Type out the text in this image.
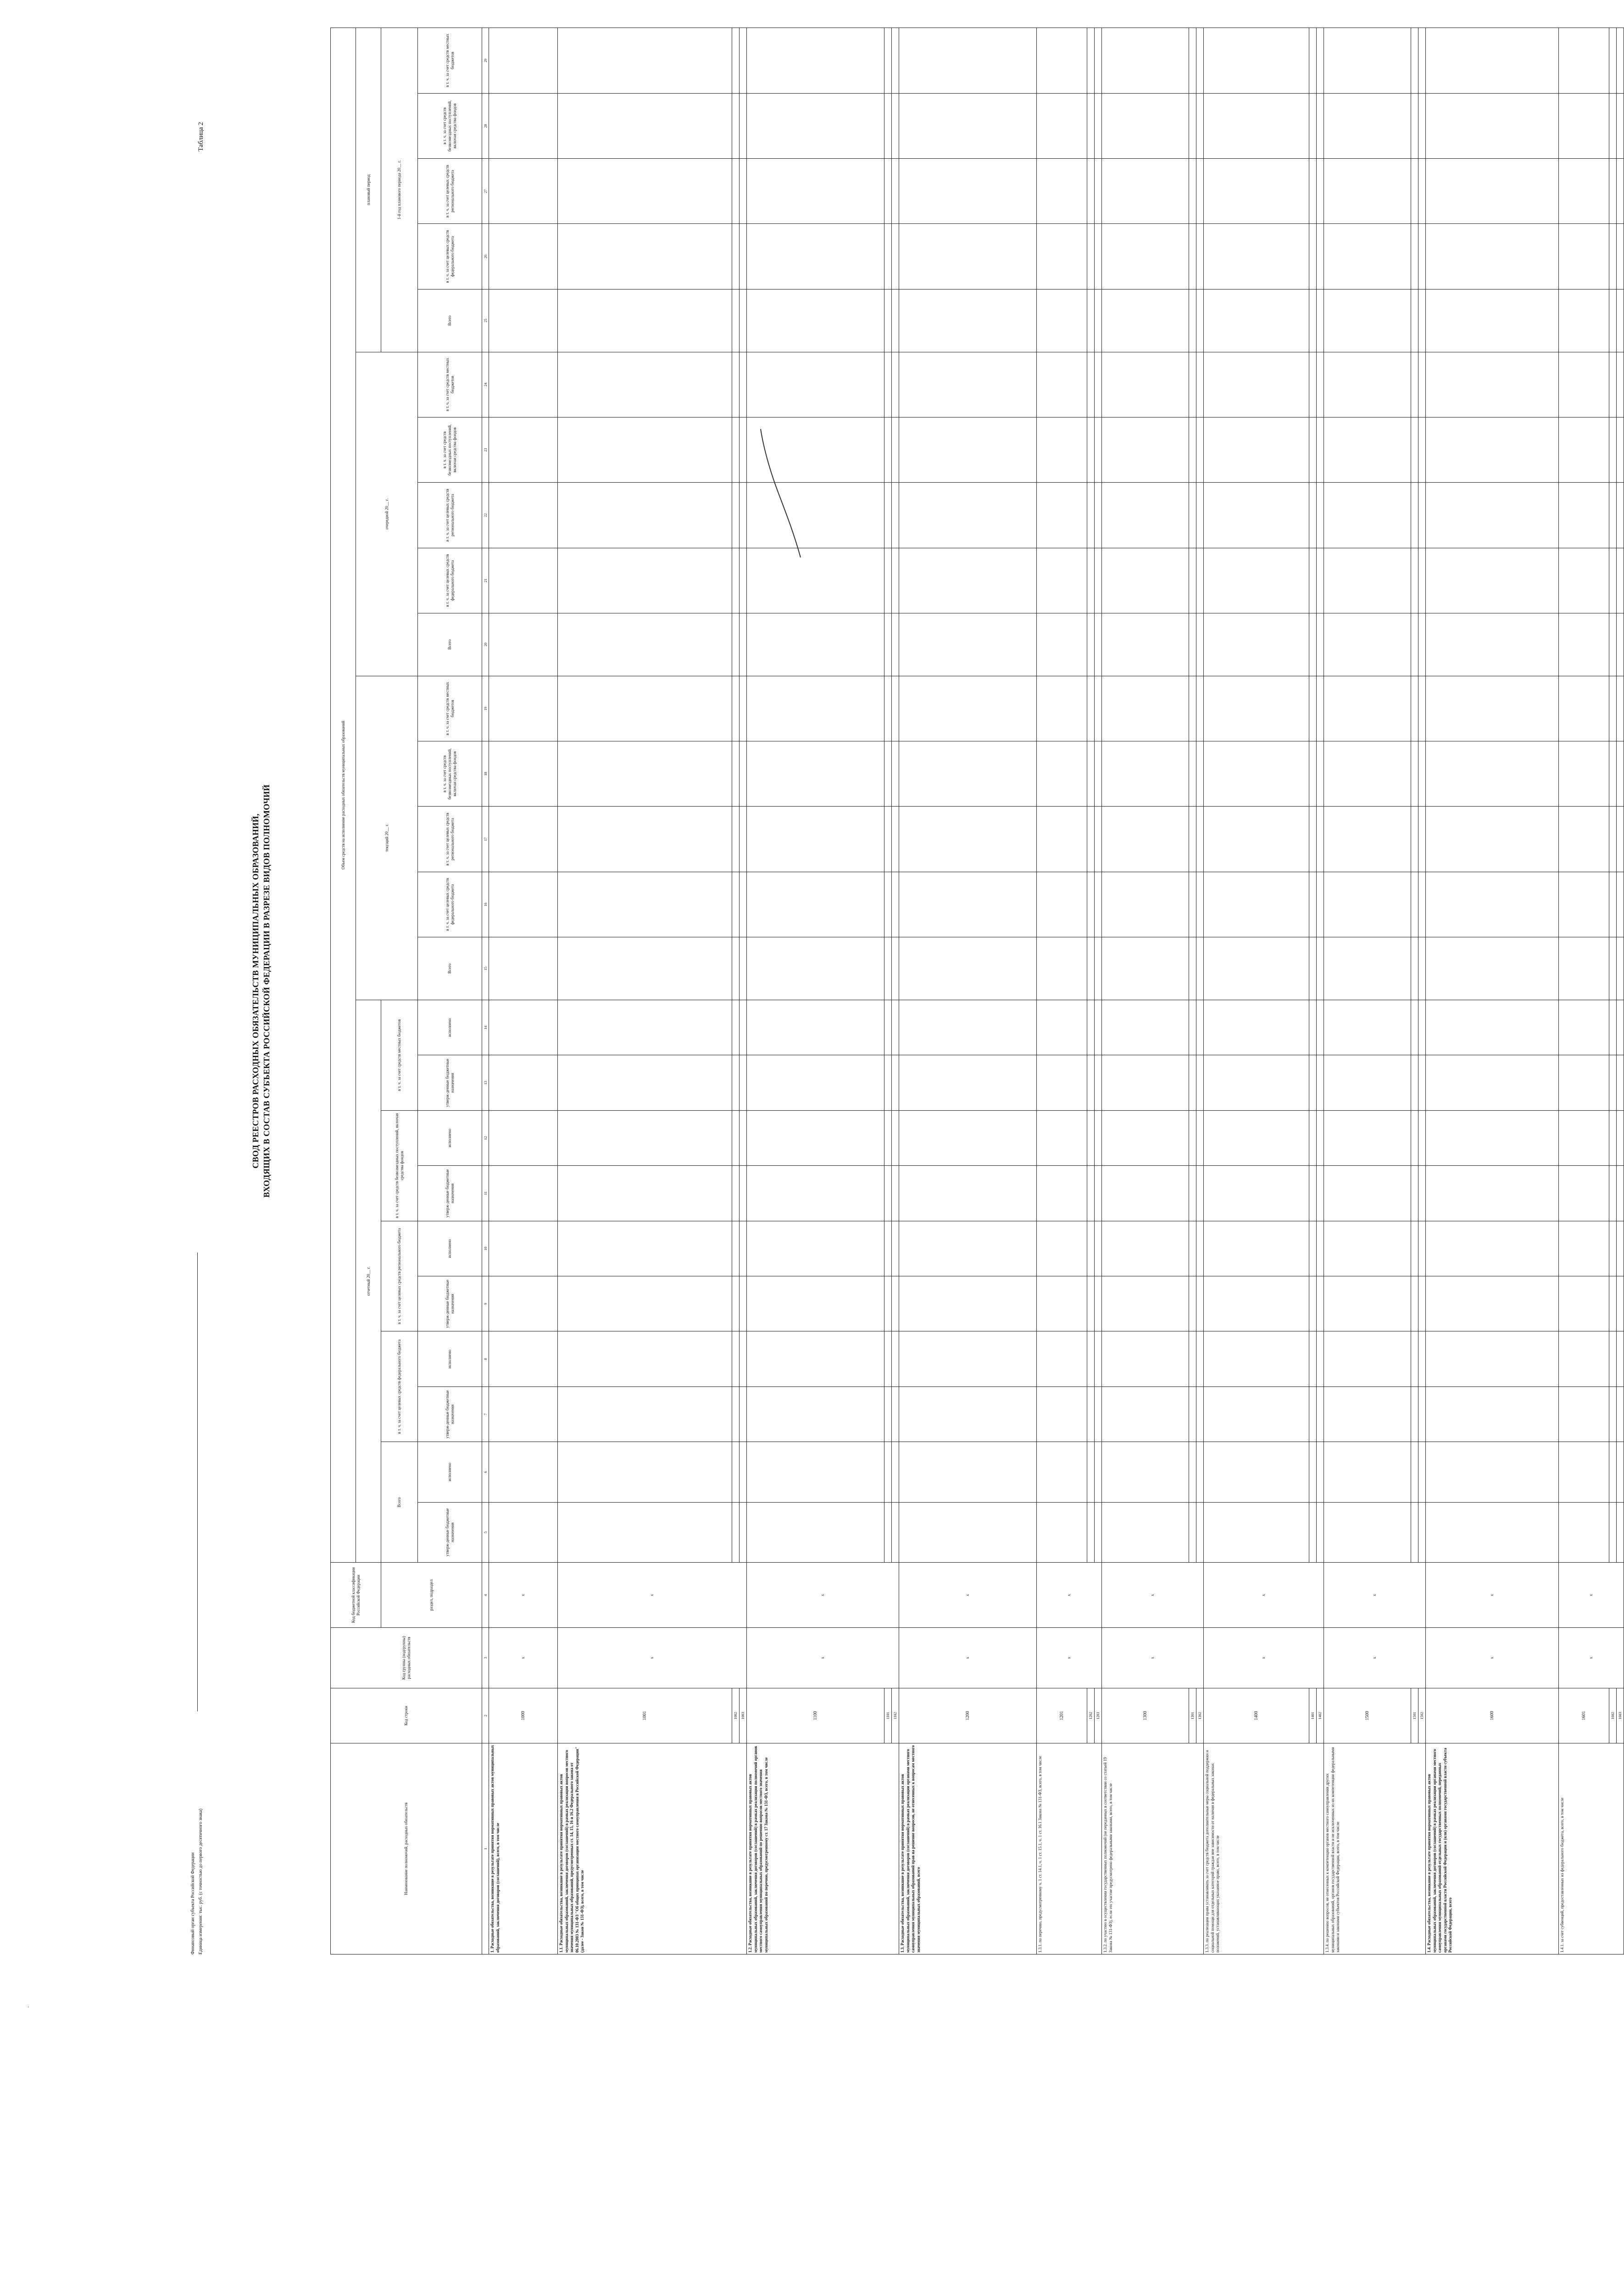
Финансовый орган субъекта Российской Федерации Единица измерения: тыс. руб. (с точностью до первого десятичного знака)
Таблица 2
СВОД РЕЕСТРОВ РАСХОДНЫХ ОБЯЗАТЕЛЬСТВ МУНИЦИПАЛЬНЫХ ОБРАЗОВАНИЙ, ВХОДЯЩИХ В СОСТАВ СУБЪЕКТА РОССИЙСКОЙ ФЕДЕРАЦИИ В РАЗРЕЗЕ ВИДОВ ПОЛНОМОЧИЙ
Наименование полномочий, расходных обязательств	Код строки	Код группы (подгруппы) расходных обязательств	Код бюджетной классификации Российской Федерации	Объем средств на исполнение расходных обязательств муниципальных образований																								
				отчетный 20__ г.										текущий 20__ г.					очередной 20__ г.					плановый период				
			раздел, подраздел	Всего		в т. ч. за счет целевых средств федерального бюджета		в т. ч. за счет целевых средств регионального бюджета		в т. ч. за счет средств безвозмездных поступлений, включая средства фондов		в т. ч. за счет средств местных бюджетов												1-й год планового периода 20__ г.				
				утверж-денные бюджетные назначения	исполнено	утверж-денные бюджетные назначения	исполнено	утверж-денные бюджетные назначения	исполнено	утверж-денные бюджетные назначения	исполнено	утверж-денные бюджетные назначения	исполнено	Всего	в т. ч. за счет целевых средств федерального бюджета	в т. ч. за счет целевых средств регионального бюджета	в т. ч. за счет средств безвозмездных поступлений, включая средства фондов	в т. ч. за счет средств местных бюджетов	Всего	в т. ч. за счет целевых средств федерального бюджета	в т. ч. за счет целевых средств регионального бюджета	в т. ч. за счет средств безвозмездных поступлений, включая средства фондов	в т. ч. за счет средств местных бюджетов	Всего	в т. ч. за счет целевых средств федерального бюджета	в т. ч. за счет целевых средств регионального бюджета	в т. ч. за счет средств безвозмездных поступлений, включая средства фондов	в т. ч. за счет средств местных бюджетов

1	2	3	4	5	6	7	8	9	10	11	12	13	14	15	16	17	18	19	20	21	22	23	24	25	26	27	28	29
1. Расходные обязательства, возникшие в результате принятия нормативных правовых актов муниципальных образований, заключения договоров (соглашений), всего, в том числе	1000	x	x																									
1.1. Расходные обязательства, возникшие в результате принятия нормативных правовых актов муниципальных образований, заключения договоров (соглашений) в рамках реализации вопросов местного значения муниципальных образований, предусмотренных ст. 14, 15, 16 и 16.2 Федерального закона от 06.10.2003 № 131-ФЗ "Об общих принципах организации местного самоуправления в Российской Федерации" (далее - Закон № 131-ФЗ), всего, в том числе	1001	x	x																									
	1002																											
	1003																											
1.2. Расходные обязательства, возникшие в результате принятия нормативных правовых актов муниципальных образований, заключения договоров (соглашений) в рамках реализации полномочий органов местного самоуправления муниципальных образований по решению вопросов местного значения муниципальных образований по перечню, предусмотренному ст. 17 Закона № 131-ФЗ, всего, в том числе	1100	x	x																									
	1101																											
	1102																											
1.3. Расходные обязательства, возникшие в результате принятия нормативных правовых актов муниципальных образований, заключения договоров (соглашений) в рамках реализации органами местного самоуправления муниципальных образований прав на решение вопросов, не отнесенных к вопросам местного значения муниципальных образований, всего	1200	x	x																									
1.3.1. по перечню, предусмотренному ч. 1 ст. 14.1, ч. 1 ст. 15.1, ч. 1 ст. 16.1 Закона № 131-ФЗ, всего, в том числе	1201	x	x																									
	1202																											
	1203																											
1.3.2. по участию в осуществлении государственных полномочий (не переданных в соответствии со статьей 19 Закона № 131-ФЗ), если это участие предусмотрено федеральными законами, всего, в том числе	1300	x	x																									
	1301																											
	1302																											
1.3.3. по реализации права устанавливать за счет средств бюджета дополнительные меры социальной поддержки и социальной помощи для отдельных категорий граждан вне зависимости от наличия в федеральных законах положений, устанавливающих указанное право, всего, в том числе	1400	x	x																									
	1401																											
	1402																											
1.3.4. по решению вопросов, не отнесенных к компетенции органов местного самоуправления других муниципальных образований, органов государственной власти и не исключенных из их компетенции федеральными законами и законами субъектов Российской Федерации, всего, в том числе	1500	x	x																									
	1501																											
	1502																											
1.4. Расходные обязательства, возникшие в результате принятия нормативных правовых актов муниципальных образований, заключения договоров (соглашений) в рамках реализации органами местного самоуправления муниципальных образований отдельных государственных полномочий, переданных органами государственной власти Российской Федерации и (или) органами государственной власти субъекта Российской Федерации, всего	1600	x	x																									
1.4.1. за счет субвенций, предоставленных из федерального бюджета, всего, в том числе	1601	x	x																									
	1602																											
	1603																											
·
